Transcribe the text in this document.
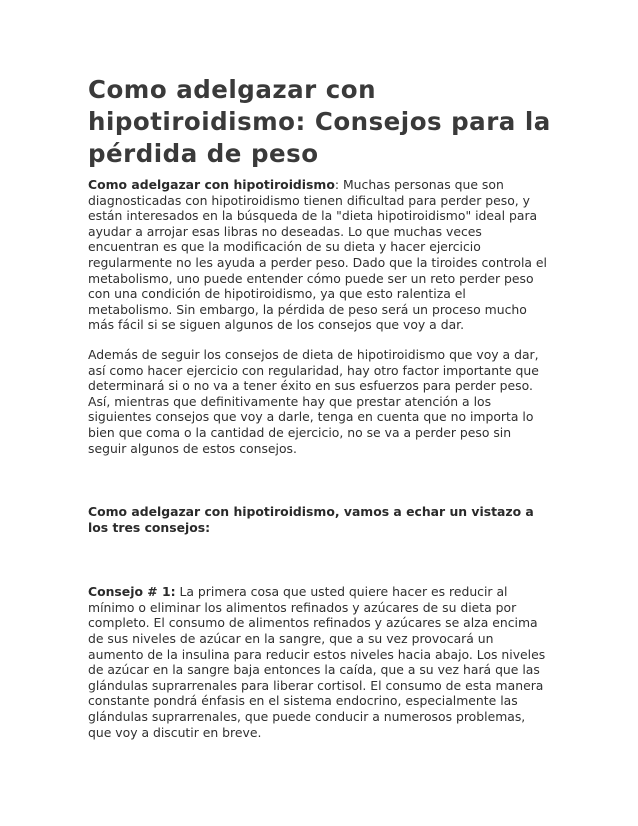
Como adelgazar con hipotiroidismo: Consejos para la pérdida de peso

Como adelgazar con hipotiroidismo: Muchas personas que son diagnosticadas con hipotiroidismo tienen dificultad para perder peso, y están interesados en la búsqueda de la "dieta hipotiroidismo" ideal para ayudar a arrojar esas libras no deseadas. Lo que muchas veces encuentran es que la modificación de su dieta y hacer ejercicio regularmente no les ayuda a perder peso. Dado que la tiroides controla el metabolismo, uno puede entender cómo puede ser un reto perder peso con una condición de hipotiroidismo, ya que esto ralentiza el metabolismo. Sin embargo, la pérdida de peso será un proceso mucho más fácil si se siguen algunos de los consejos que voy a dar.

Además de seguir los consejos de dieta de hipotiroidismo que voy a dar, así como hacer ejercicio con regularidad, hay otro factor importante que determinará si o no va a tener éxito en sus esfuerzos para perder peso. Así, mientras que definitivamente hay que prestar atención a los siguientes consejos que voy a darle, tenga en cuenta que no importa lo bien que coma o la cantidad de ejercicio, no se va a perder peso sin seguir algunos de estos consejos.

Como adelgazar con hipotiroidismo, vamos a echar un vistazo a los tres consejos:

Consejo # 1: La primera cosa que usted quiere hacer es reducir al mínimo o eliminar los alimentos refinados y azúcares de su dieta por completo. El consumo de alimentos refinados y azúcares se alza encima de sus niveles de azúcar en la sangre, que a su vez provocará un aumento de la insulina para reducir estos niveles hacia abajo. Los niveles de azúcar en la sangre baja entonces la caída, que a su vez hará que las glándulas suprarrenales para liberar cortisol. El consumo de esta manera constante pondrá énfasis en el sistema endocrino, especialmente las glándulas suprarrenales, que puede conducir a numerosos problemas, que voy a discutir en breve.
